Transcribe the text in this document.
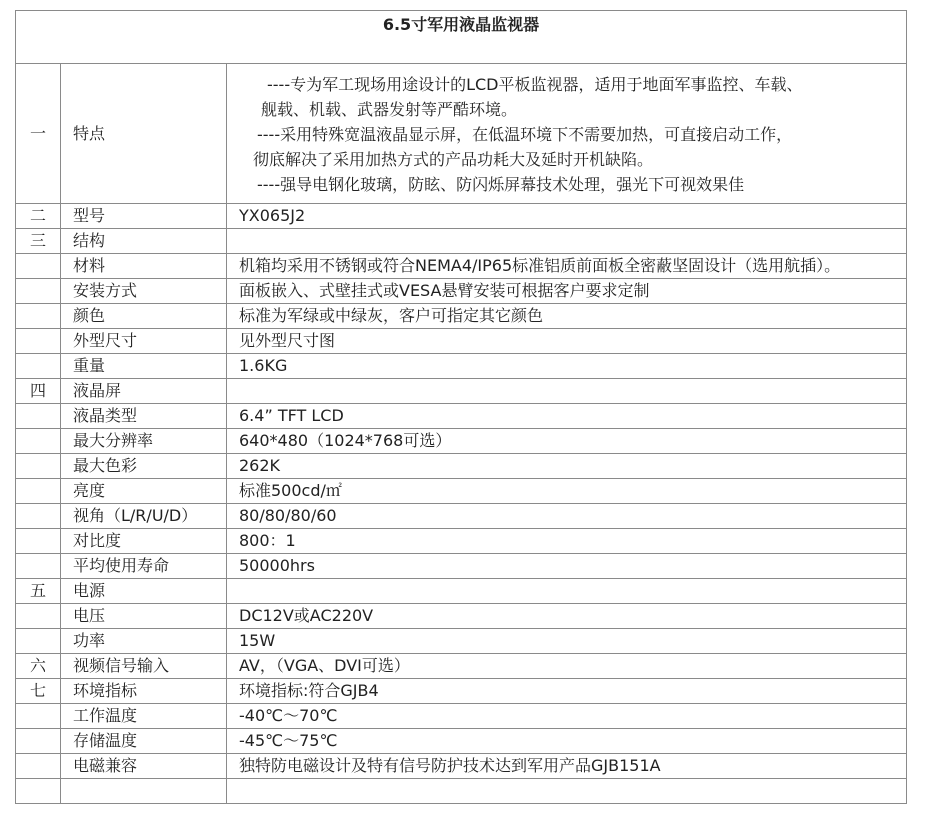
6.5寸军用液晶监视器		
一	特点	----专为军工现场用途设计的LCD平板监视器，适用于地面军事监控、车载、
舰载、机载、武器发射等严酷环境。
----采用特殊宽温液晶显示屏，在低温环境下不需要加热，可直接启动工作，
彻底解决了采用加热方式的产品功耗大及延时开机缺陷。
----强导电钢化玻璃，防眩、防闪烁屏幕技术处理，强光下可视效果佳

二	型号	YX065J2
三	结构	
	材料	机箱均采用不锈钢或符合NEMA4/IP65标准铝质前面板全密蔽坚固设计（选用航插）。
	安装方式	面板嵌入、式壁挂式或VESA悬臂安装可根据客户要求定制
	颜色	标准为军绿或中绿灰，客户可指定其它颜色
	外型尺寸	见外型尺寸图
	重量	1.6KG
四	液晶屏	
	液晶类型	6.4” TFT LCD
	最大分辨率	640*480（1024*768可选）
	最大色彩	262K
	亮度	标准500cd/㎡
	视角（L/R/U/D）	80/80/80/60
	对比度	800：1
	平均使用寿命	50000hrs
五	电源	
	电压	DC12V或AC220V
	功率	15W
六	视频信号输入	AV，（VGA、DVI可选）
七	环境指标	环境指标:符合GJB4
	工作温度	-40℃～70℃
	存储温度	-45℃～75℃
	电磁兼容	独特防电磁设计及特有信号防护技术达到军用产品GJB151A
